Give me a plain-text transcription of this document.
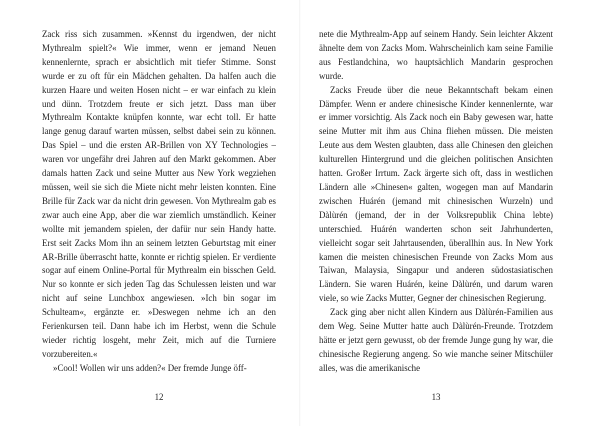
Zack riss sich zusammen. »Kennst du irgendwen, der nicht Mythrealm spielt?« Wie immer, wenn er jemand Neuen kennenlernte, sprach er absichtlich mit tiefer Stimme. Sonst wurde er zu oft für ein Mädchen gehalten. Da halfen auch die kurzen Haare und weiten Hosen nicht – er war einfach zu klein und dünn. Trotzdem freute er sich jetzt. Dass man über Mythrealm Kontakte knüpfen konnte, war echt toll. Er hatte lange genug darauf warten müssen, selbst dabei sein zu können. Das Spiel – und die ersten AR-Brillen von XY Technologies – waren vor ungefähr drei Jahren auf den Markt gekommen. Aber damals hatten Zack und seine Mutter aus New York wegziehen müssen, weil sie sich die Miete nicht mehr leisten konnten. Eine Brille für Zack war da nicht drin gewesen. Von Mythrealm gab es zwar auch eine App, aber die war ziemlich umständlich. Keiner wollte mit jemandem spielen, der dafür nur sein Handy hatte. Erst seit Zacks Mom ihn an seinem letzten Geburtstag mit einer AR-Brille überrascht hatte, konnte er richtig spielen. Er verdiente sogar auf einem Online-Portal für Mythrealm ein bisschen Geld. Nur so konnte er sich jeden Tag das Schulessen leisten und war nicht auf seine Lunchbox angewiesen. »Ich bin sogar im Schulteam«, ergänzte er. »Deswegen nehme ich an den Ferienkursen teil. Dann habe ich im Herbst, wenn die Schule wieder richtig losgeht, mehr Zeit, mich auf die Turniere vorzubereiten.«

»Cool! Wollen wir uns adden?« Der fremde Junge öff-

12

nete die Mythrealm-App auf seinem Handy. Sein leichter Akzent ähnelte dem von Zacks Mom. Wahrscheinlich kam seine Familie aus Festlandchina, wo hauptsächlich Mandarin gesprochen wurde.

Zacks Freude über die neue Bekanntschaft bekam einen Dämpfer. Wenn er andere chinesische Kinder kennenlernte, war er immer vorsichtig. Als Zack noch ein Baby gewesen war, hatte seine Mutter mit ihm aus China fliehen müssen. Die meisten Leute aus dem Westen glaubten, dass alle Chinesen den gleichen kulturellen Hintergrund und die gleichen politischen Ansichten hatten. Großer Irrtum. Zack ärgerte sich oft, dass in westlichen Ländern alle »Chinesen« galten, wogegen man auf Mandarin zwischen Huárén (jemand mit chinesischen Wurzeln) und Dàlùrén (jemand, der in der Volksrepublik China lebte) unterschied. Huárén wanderten schon seit Jahrhunderten, vielleicht sogar seit Jahrtausenden, überallhin aus. In New York kamen die meisten chinesischen Freunde von Zacks Mom aus Taiwan, Malaysia, Singapur und anderen südostasiatischen Ländern. Sie waren Huárén, keine Dàlùrén, und darum waren viele, so wie Zacks Mutter, Gegner der chinesischen Regierung.

Zack ging aber nicht allen Kindern aus Dàlùrén-Familien aus dem Weg. Seine Mutter hatte auch Dàlùrén-Freunde. Trotzdem hätte er jetzt gern gewusst, ob der fremde Junge gung hy war, die chinesische Regierung angeng. So wie manche seiner Mitschüler alles, was die amerikanische

13
